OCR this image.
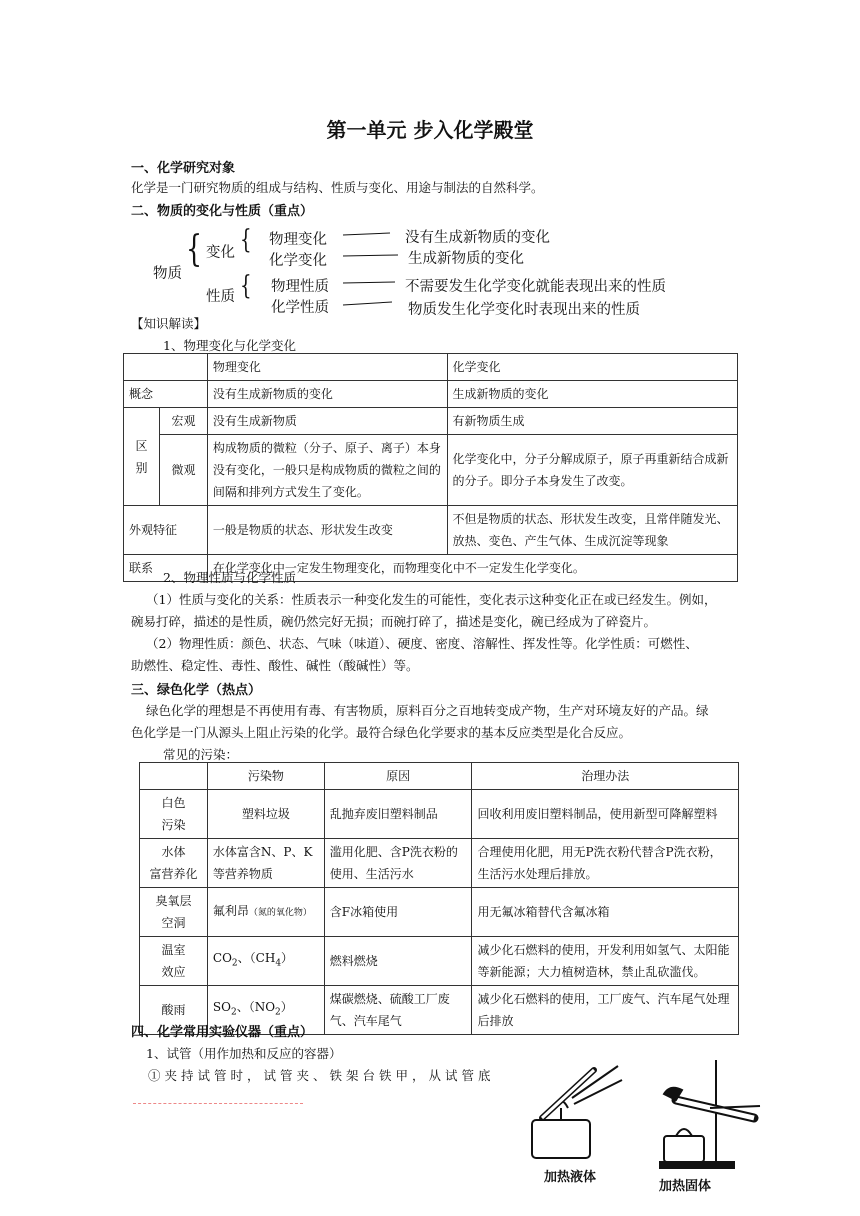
第一单元 步入化学殿堂
一、化学研究对象
化学是一门研究物质的组成与结构、性质与变化、用途与制法的自然科学。
二、物质的变化与性质（重点）
物质
{ 变化
性质
{
{
物理变化
化学变化
物理性质
化学性质
没有生成新物质的变化
生成新物质的变化
不需要发生化学变化就能表现出来的性质
物质发生化学变化时表现出来的性质
【知识解读】
1、物理变化与化学变化
		物理变化	化学变化
概念		没有生成新物质的变化	生成新物质的变化
区别	宏观	没有生成新物质	有新物质生成
	微观	构成物质的微粒（分子、原子、离子）本身没有变化，一般只是构成物质的微粒之间的间隔和排列方式发生了变化。	化学变化中，分子分解成原子，原子再重新结合成新的分子。即分子本身发生了改变。
外观特征		一般是物质的状态、形状发生改变	不但是物质的状态、形状发生改变，且常伴随发光、放热、变色、产生气体、生成沉淀等现象
联系		在化学变化中一定发生物理变化，而物理变化中不一定发生化学变化。	
2、物理性质与化学性质
（1）性质与变化的关系：性质表示一种变化发生的可能性，变化表示这种变化正在或已经发生。例如，
碗易打碎，描述的是性质，碗仍然完好无损；而碗打碎了，描述是变化，碗已经成为了碎瓷片。
（2）物理性质：颜色、状态、气味（味道）、硬度、密度、溶解性、挥发性等。化学性质：可燃性、
助燃性、稳定性、毒性、酸性、碱性（酸碱性）等。
三、绿色化学（热点）
绿色化学的理想是不再使用有毒、有害物质，原料百分之百地转变成产物，生产对环境友好的产品。绿
色化学是一门从源头上阻止污染的化学。最符合绿色化学要求的基本反应类型是化合反应。
常见的污染：
	污染物	原因	治理办法
白色
污染	塑料垃圾	乱抛弃废旧塑料制品	回收利用废旧塑料制品，使用新型可降解塑料
水体
富营养化	水体富含N、P、K等营养物质	滥用化肥、含P洗衣粉的使用、生活污水	合理使用化肥，用无P洗衣粉代替含P洗衣粉，生活污水处理后排放。
臭氧层
空洞	氟利昂（氮的氧化物）	含F冰箱使用	用无氟冰箱替代含氟冰箱
温室
效应	$CO_2$、$(CH_4)$	燃料燃烧	减少化石燃料的使用，开发利用如氢气、太阳能等新能源；大力植树造林，禁止乱砍滥伐。
酸雨	$SO_2$、$(NO_2)$	煤碳燃烧、硫酸工厂废气、汽车尾气	减少化石燃料的使用，工厂废气、汽车尾气处理后排放
四、化学常用实验仪器（重点）
1、试管（用作加热和反应的容器）
①夹持试管时，试管夹、铁架台铁甲，从试管底
加热液体
加热固体
